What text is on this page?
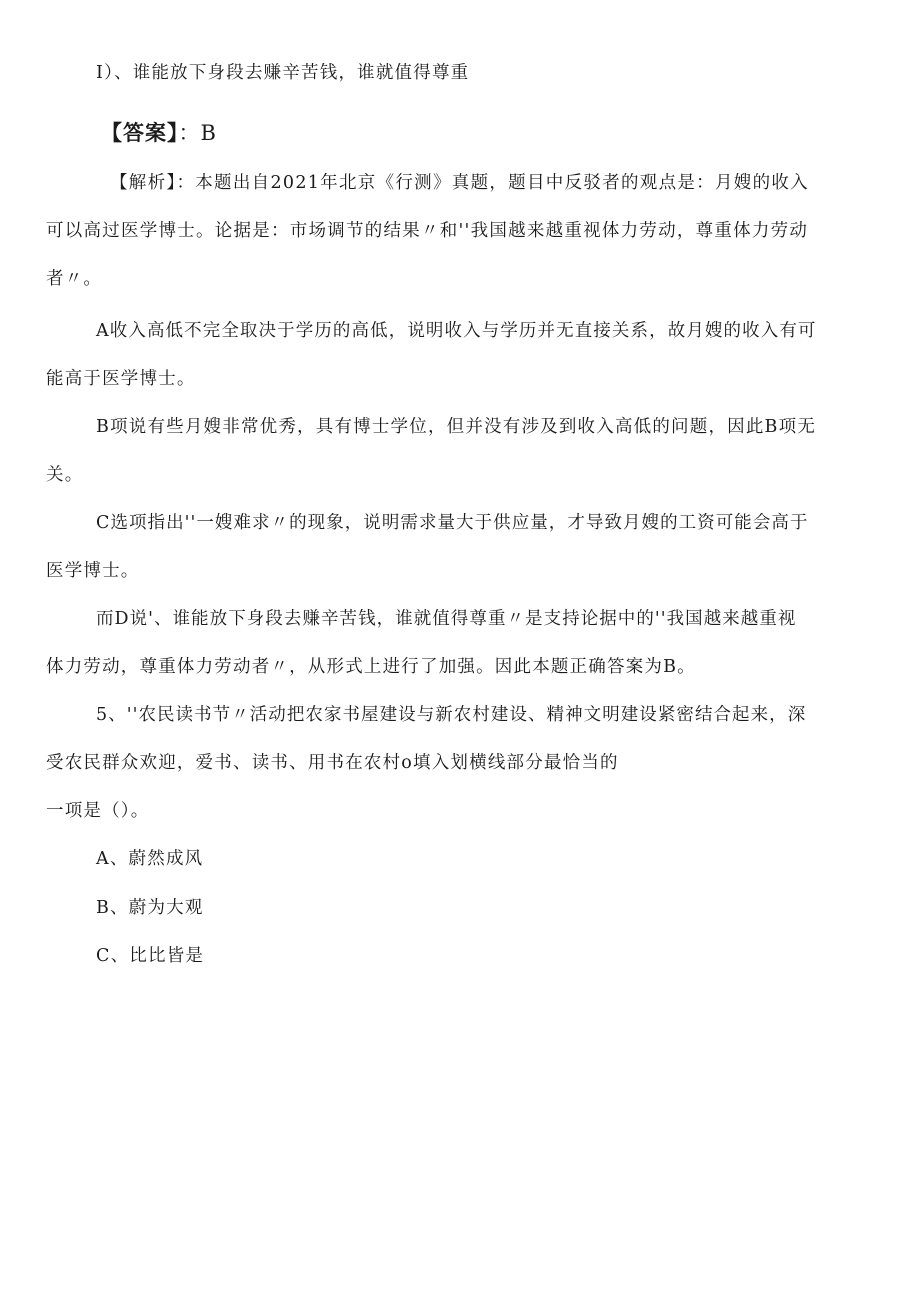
I）、谁能放下身段去赚辛苦钱，谁就值得尊重
【答案】：B
【解析】：本题出自2021年北京《行测》真题，题目中反驳者的观点是：月嫂的收入
可以高过医学博士。论据是：市场调节的结果〃和''我国越来越重视体力劳动，尊重体力劳动
者〃。
A收入高低不完全取决于学历的高低，说明收入与学历并无直接关系，故月嫂的收入有可
能高于医学博士。
B项说有些月嫂非常优秀，具有博士学位，但并没有涉及到收入高低的问题，因此B项无
关。
C选项指出''一嫂难求〃的现象，说明需求量大于供应量，才导致月嫂的工资可能会高于
医学博士。
而D说'、谁能放下身段去赚辛苦钱，谁就值得尊重〃是支持论据中的''我国越来越重视
体力劳动，尊重体力劳动者〃，从形式上进行了加强。因此本题正确答案为B。
5、''农民读书节〃活动把农家书屋建设与新农村建设、精神文明建设紧密结合起来，深
受农民群众欢迎，爱书、读书、用书在农村o填入划横线部分最恰当的
一项是（）。
A、蔚然成风
B、蔚为大观
C、比比皆是
